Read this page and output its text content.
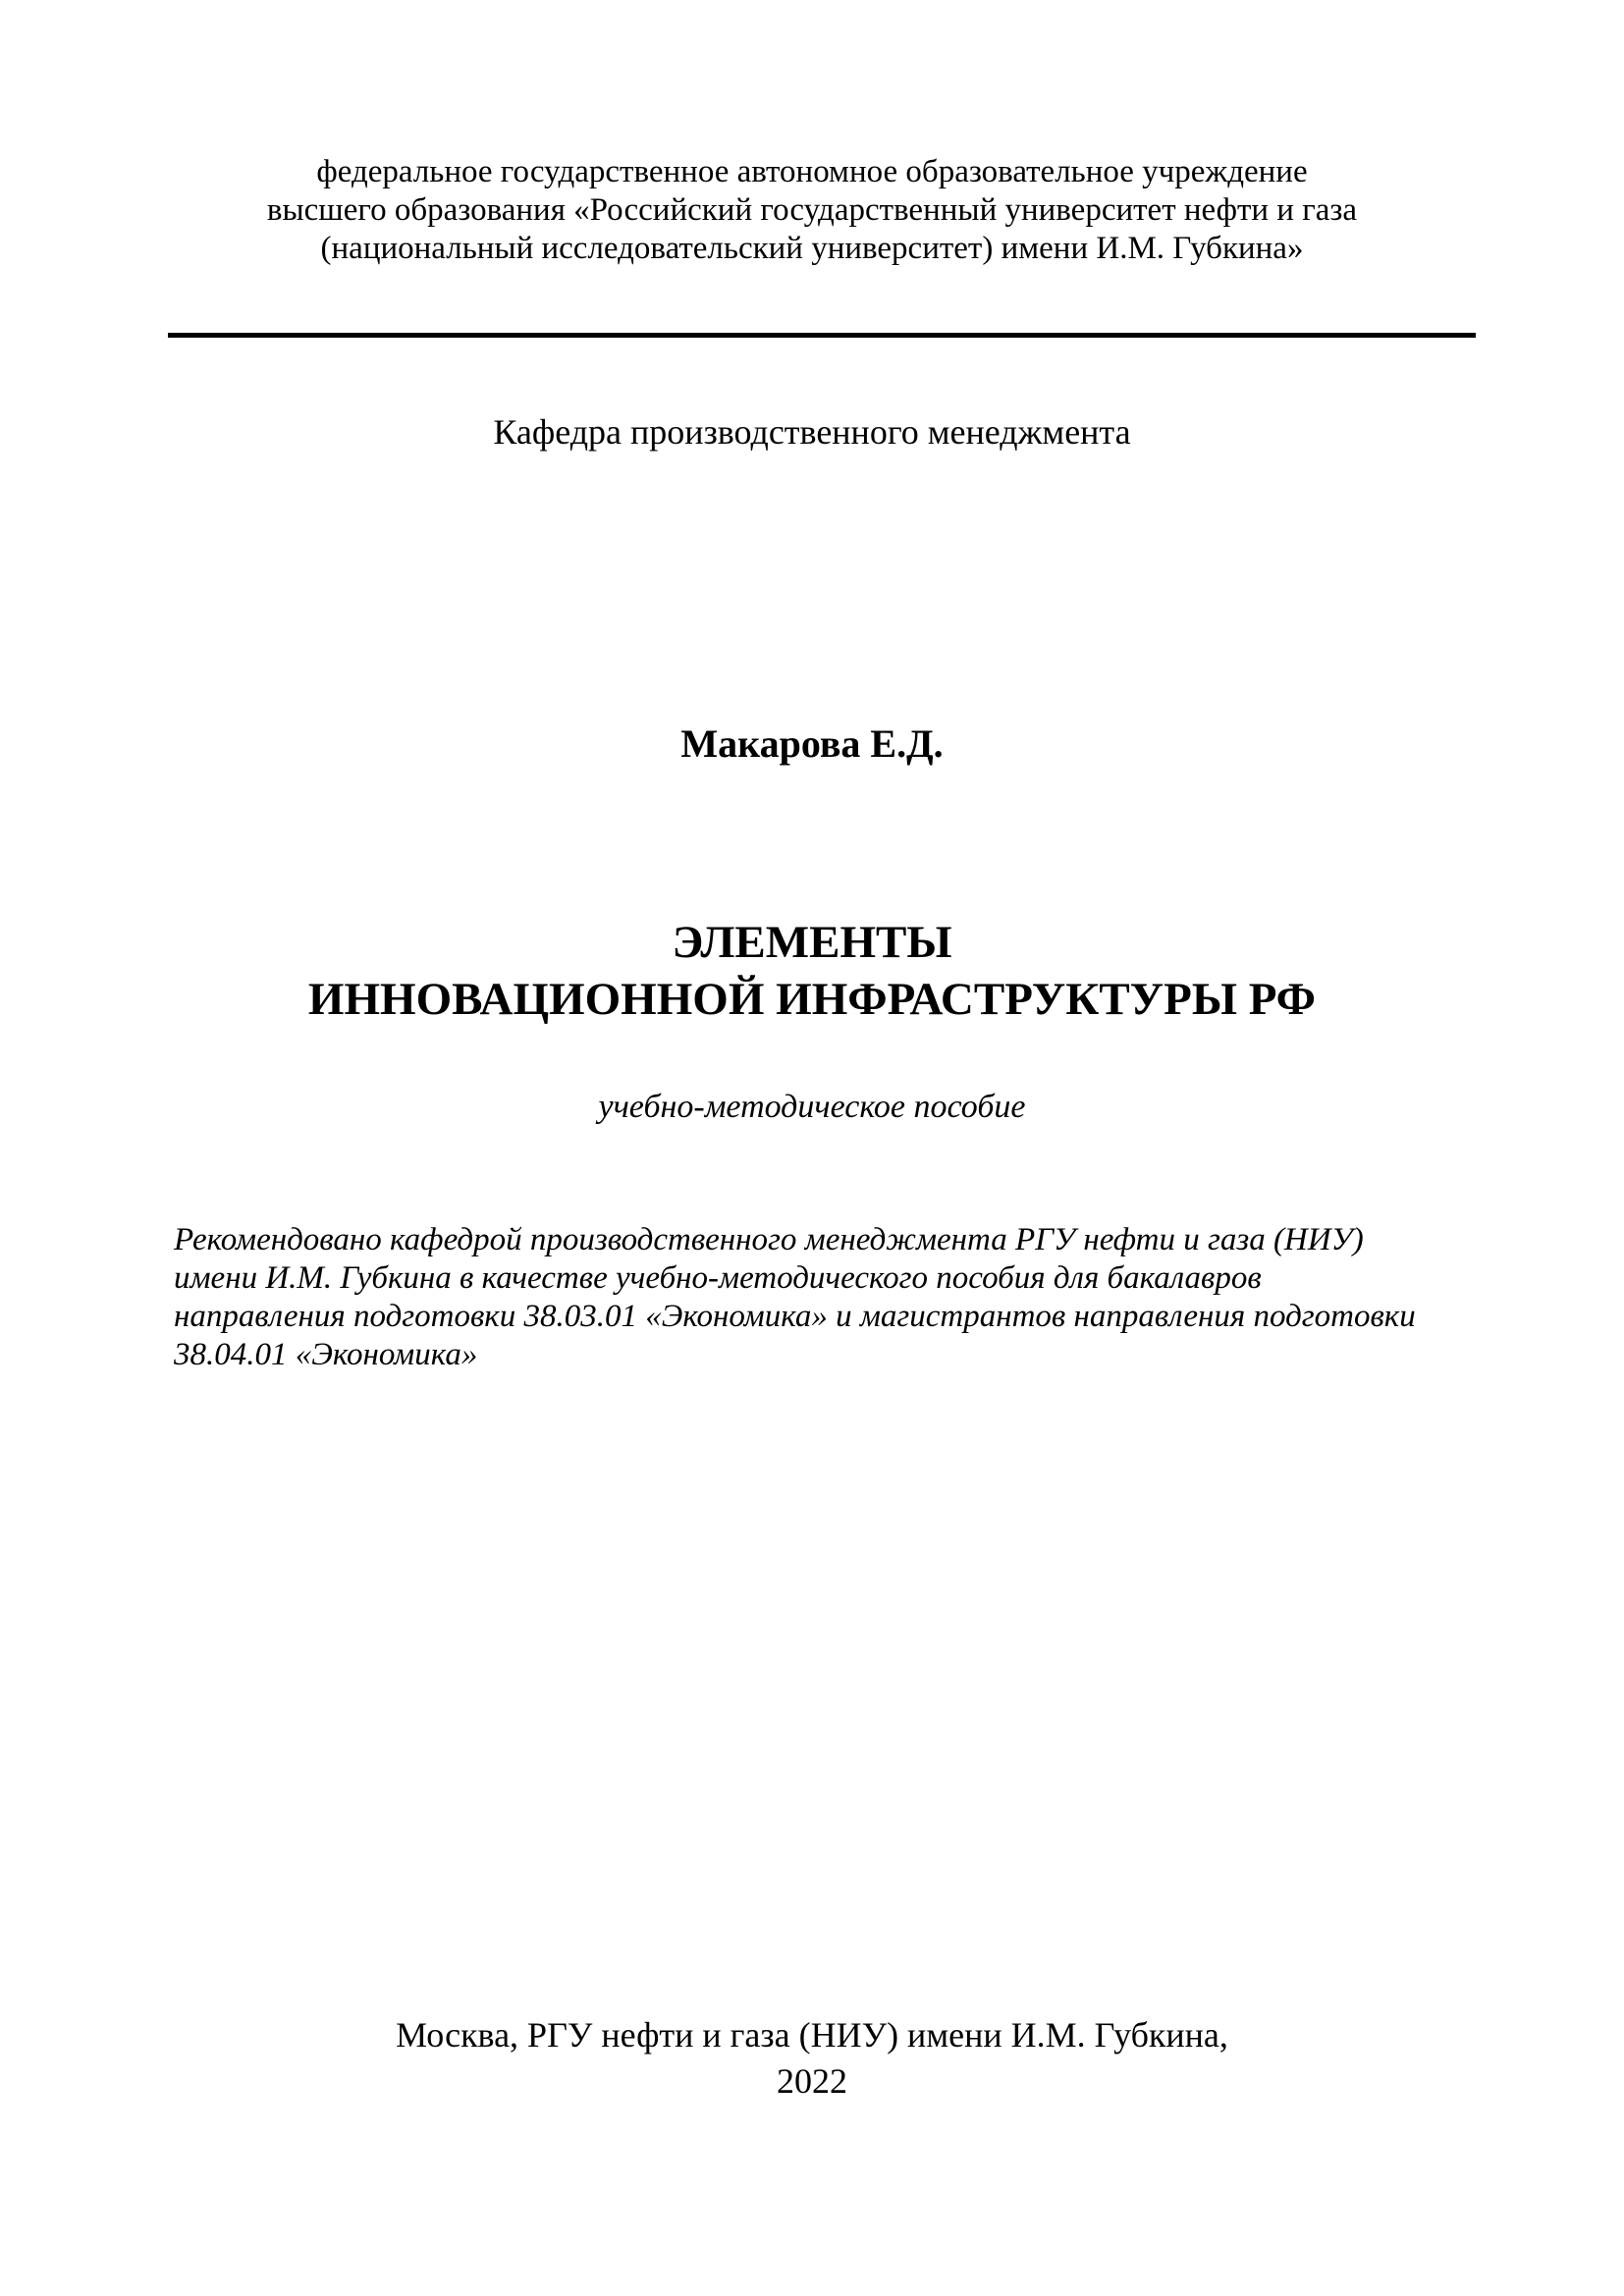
федеральное государственное автономное образовательное учреждение
высшего образования «Российский государственный университет нефти и газа
(национальный исследовательский университет) имени И.М. Губкина»
Кафедра производственного менеджмента
Макарова Е.Д.
ЭЛЕМЕНТЫ
ИННОВАЦИОННОЙ ИНФРАСТРУКТУРЫ РФ
учебно-методическое пособие
Рекомендовано кафедрой производственного менеджмента РГУ нефти и газа (НИУ)
имени И.М. Губкина в качестве учебно-методического пособия для бакалавров
направления подготовки 38.03.01 «Экономика» и магистрантов направления подготовки
38.04.01 «Экономика»
Москва, РГУ нефти и газа (НИУ) имени И.М. Губкина,
2022
